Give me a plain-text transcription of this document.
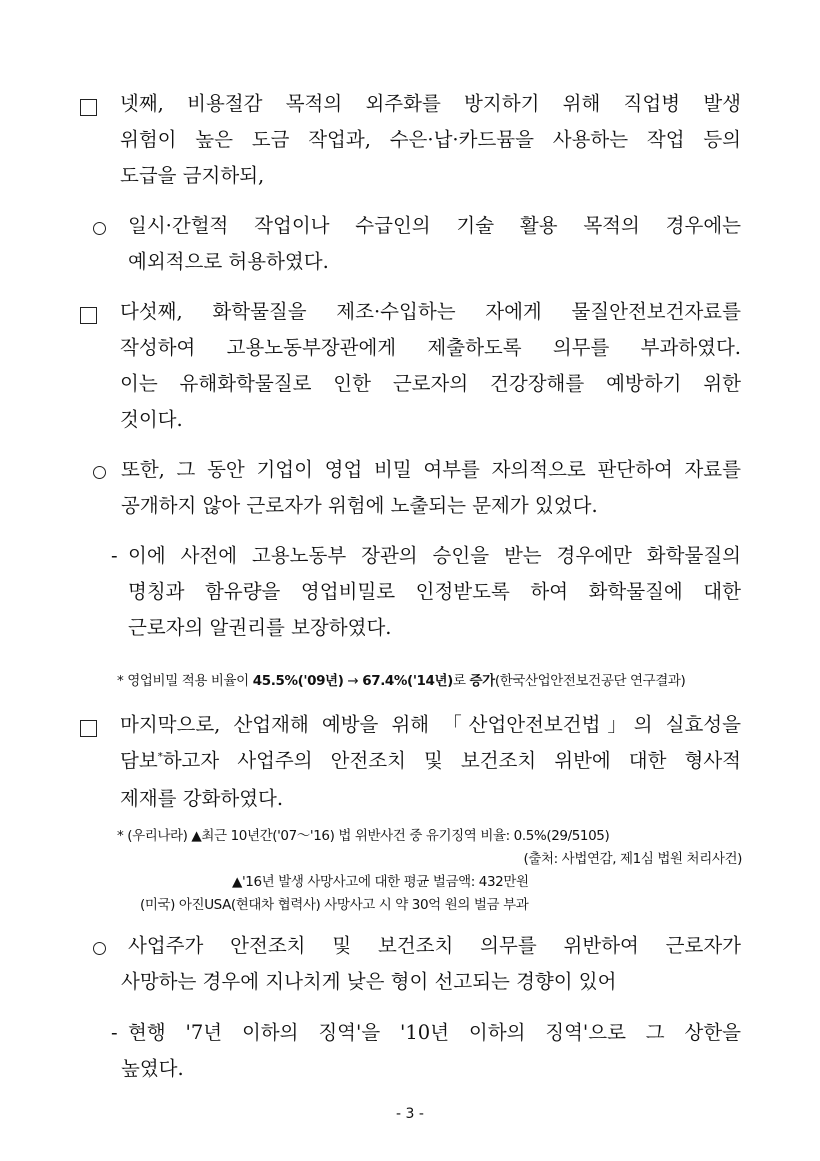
넷째, 비용절감 목적의 외주화를 방지하기 위해 직업병 발생
위험이 높은 도금 작업과, 수은·납·카드뮴을 사용하는 작업 등의
도급을 금지하되,
일시·간헐적 작업이나 수급인의 기술 활용 목적의 경우에는
예외적으로 허용하였다.
다섯째, 화학물질을 제조·수입하는 자에게 물질안전보건자료를
작성하여 고용노동부장관에게 제출하도록 의무를 부과하였다.
이는 유해화학물질로 인한 근로자의 건강장해를 예방하기 위한
것이다.
또한, 그 동안 기업이 영업 비밀 여부를 자의적으로 판단하여 자료를
공개하지 않아 근로자가 위험에 노출되는 문제가 있었다.
- 이에 사전에 고용노동부 장관의 승인을 받는 경우에만 화학물질의
명칭과 함유량을 영업비밀로 인정받도록 하여 화학물질에 대한
근로자의 알권리를 보장하였다.
* 영업비밀 적용 비율이 45.5%('09년) → 67.4%('14년)로 증가(한국산업안전보건공단 연구결과)
마지막으로, 산업재해 예방을 위해 「산업안전보건법」의 실효성을
담보*하고자 사업주의 안전조치 및 보건조치 위반에 대한 형사적
제재를 강화하였다.
* (우리나라) ▲최근 10년간('07～'16) 법 위반사건 중 유기징역 비율: 0.5%(29/5105)
(출처: 사법연감, 제1심 법원 처리사건)
▲'16년 발생 사망사고에 대한 평균 벌금액: 432만원
(미국) 아진USA(현대차 협력사) 사망사고 시 약 30억 원의 벌금 부과
사업주가 안전조치 및 보건조치 의무를 위반하여 근로자가
사망하는 경우에 지나치게 낮은 형이 선고되는 경향이 있어
- 현행 '7년 이하의 징역'을 '10년 이하의 징역'으로 그 상한을
높였다.
- 3 -
